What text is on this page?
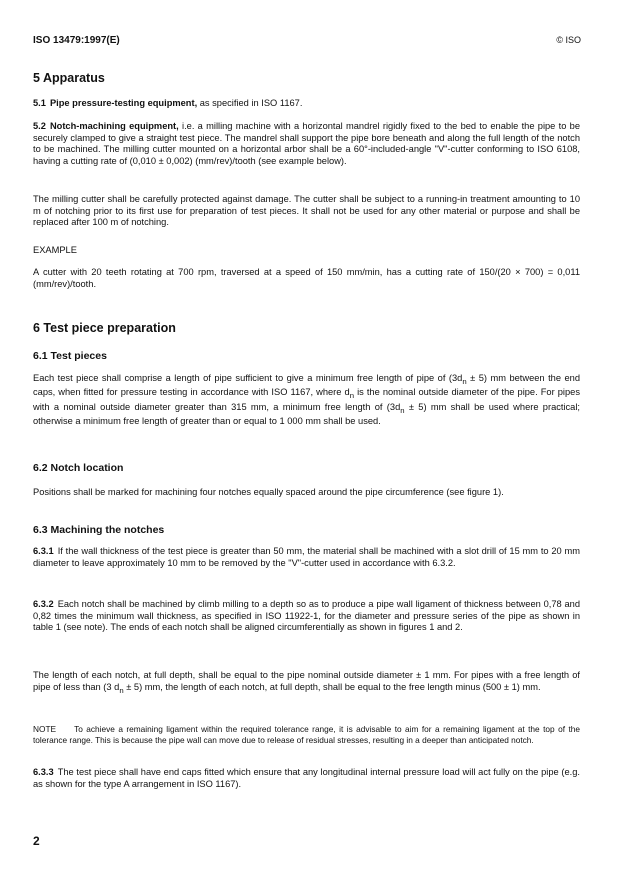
ISO 13479:1997(E)	© ISO
5 Apparatus
5.1 Pipe pressure-testing equipment, as specified in ISO 1167.
5.2 Notch-machining equipment, i.e. a milling machine with a horizontal mandrel rigidly fixed to the bed to enable the pipe to be securely clamped to give a straight test piece. The mandrel shall support the pipe bore beneath and along the full length of the notch to be machined. The milling cutter mounted on a horizontal arbor shall be a 60°-included-angle "V"-cutter conforming to ISO 6108, having a cutting rate of (0,010 ± 0,002) (mm/rev)/tooth (see example below).
The milling cutter shall be carefully protected against damage. The cutter shall be subject to a running-in treatment amounting to 10 m of notching prior to its first use for preparation of test pieces. It shall not be used for any other material or purpose and shall be replaced after 100 m of notching.
EXAMPLE
A cutter with 20 teeth rotating at 700 rpm, traversed at a speed of 150 mm/min, has a cutting rate of 150/(20 × 700) = 0,011 (mm/rev)/tooth.
6 Test piece preparation
6.1 Test pieces
Each test piece shall comprise a length of pipe sufficient to give a minimum free length of pipe of $(3d_n \pm 5)$ mm between the end caps, when fitted for pressure testing in accordance with ISO 1167, where $d_n$ is the nominal outside diameter of the pipe. For pipes with a nominal outside diameter greater than 315 mm, a minimum free length of $(3d_n \pm 5)$ mm shall be used where practical; otherwise a minimum free length of greater than or equal to 1 000 mm shall be used.
6.2 Notch location
Positions shall be marked for machining four notches equally spaced around the pipe circumference (see figure 1).
6.3 Machining the notches
6.3.1 If the wall thickness of the test piece is greater than 50 mm, the material shall be machined with a slot drill of 15 mm to 20 mm diameter to leave approximately 10 mm to be removed by the "V"-cutter used in accordance with 6.3.2.
6.3.2 Each notch shall be machined by climb milling to a depth so as to produce a pipe wall ligament of thickness between 0,78 and 0,82 times the minimum wall thickness, as specified in ISO 11922-1, for the diameter and pressure series of the pipe as shown in table 1 (see note). The ends of each notch shall be aligned circumferentially as shown in figures 1 and 2.
The length of each notch, at full depth, shall be equal to the pipe nominal outside diameter ± 1 mm. For pipes with a free length of pipe of less than (3 $d_n \pm 5$) mm, the length of each notch, at full depth, shall be equal to the free length minus (500 ± 1) mm.
NOTE To achieve a remaining ligament within the required tolerance range, it is advisable to aim for a remaining ligament at the top of the tolerance range. This is because the pipe wall can move due to release of residual stresses, resulting in a deeper than anticipated notch.
6.3.3 The test piece shall have end caps fitted which ensure that any longitudinal internal pressure load will act fully on the pipe (e.g. as shown for the type A arrangement in ISO 1167).
2
